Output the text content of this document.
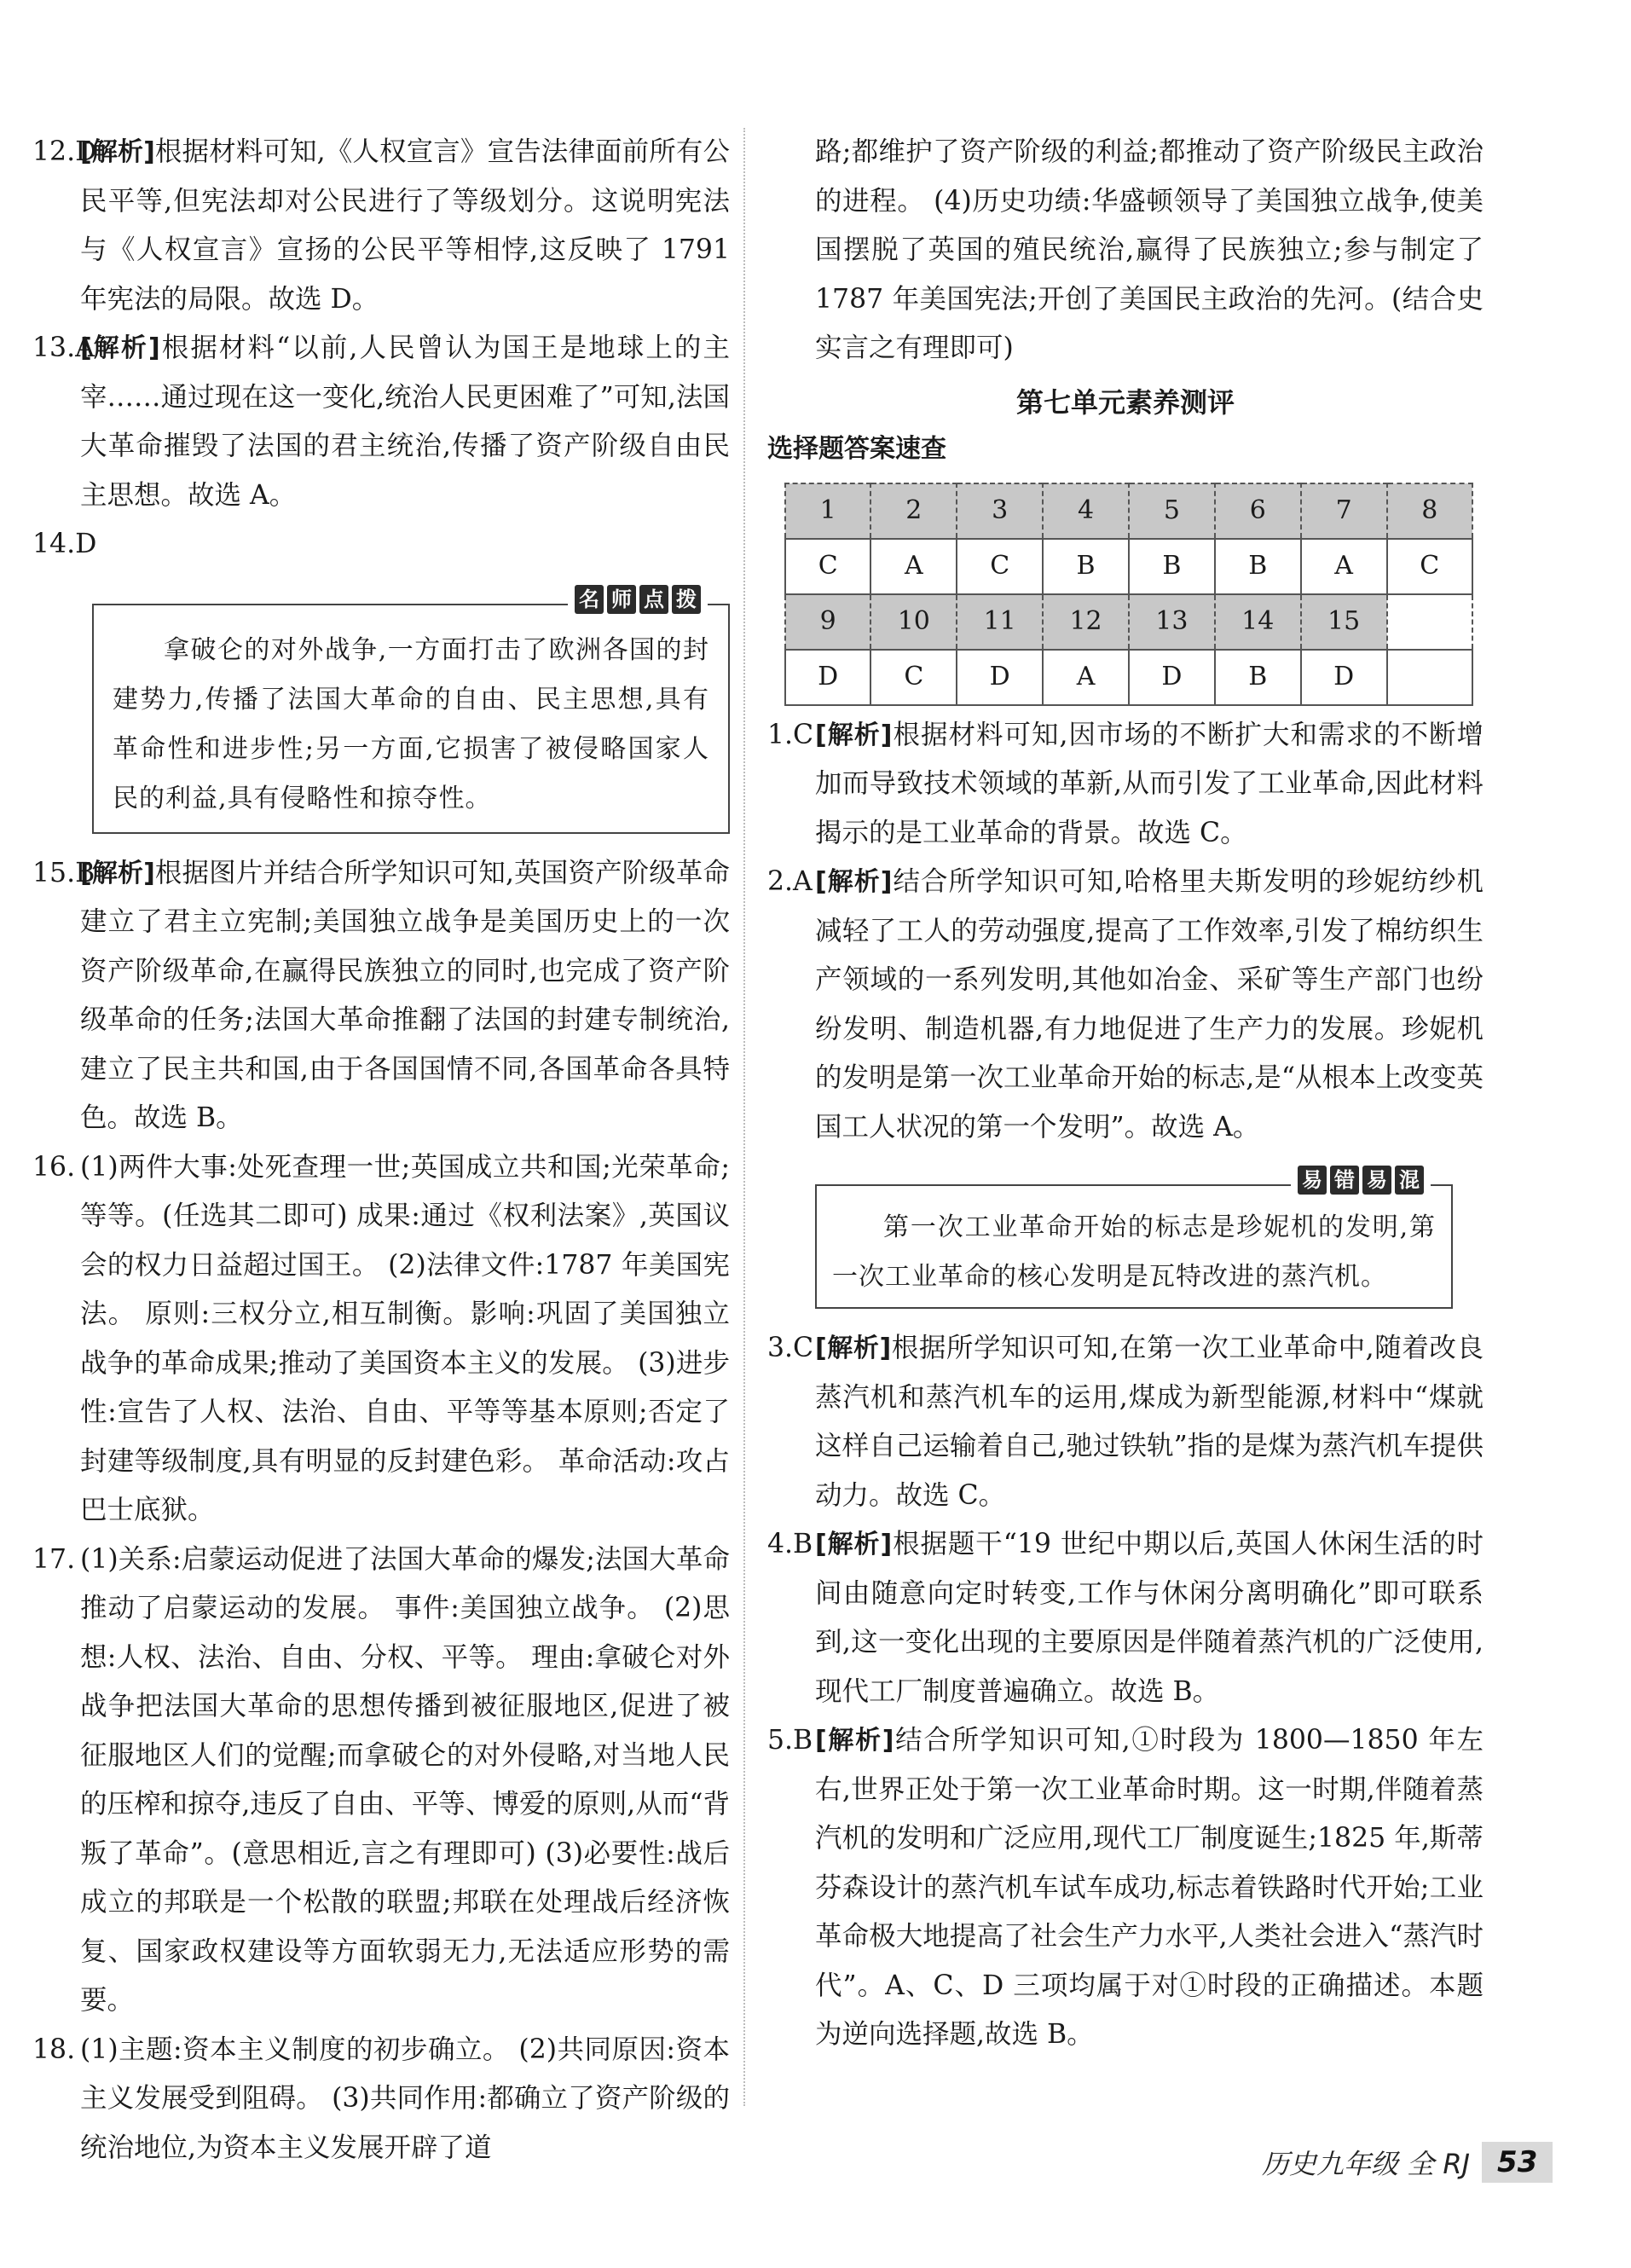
12.D
[解析]根据材料可知,《人权宣言》宣告法律面前所有公民平等,但宪法却对公民进行了等级划分。这说明宪法与《人权宣言》宣扬的公民平等相悖,这反映了 1791 年宪法的局限。故选 D。
13.A
[解析]根据材料“以前,人民曾认为国王是地球上的主宰……通过现在这一变化,统治人民更困难了”可知,法国大革命摧毁了法国的君主统治,传播了资产阶级自由民主思想。故选 A。
14.D

名 师 点 拨
拿破仑的对外战争,一方面打击了欧洲各国的封建势力,传播了法国大革命的自由、民主思想,具有革命性和进步性;另一方面,它损害了被侵略国家人民的利益,具有侵略性和掠夺性。
15.B
[解析]根据图片并结合所学知识可知,英国资产阶级革命建立了君主立宪制;美国独立战争是美国历史上的一次资产阶级革命,在赢得民族独立的同时,也完成了资产阶级革命的任务;法国大革命推翻了法国的封建专制统治,建立了民主共和国,由于各国国情不同,各国革命各具特色。故选 B。
16. (1)两件大事:处死查理一世;英国成立共和国;光荣革命;等等。(任选其二即可) 成果:通过《权利法案》,英国议会的权力日益超过国王。 (2)法律文件:1787 年美国宪法。 原则:三权分立,相互制衡。影响:巩固了美国独立战争的革命成果;推动了美国资本主义的发展。 (3)进步性:宣告了人权、法治、自由、平等等基本原则;否定了封建等级制度,具有明显的反封建色彩。 革命活动:攻占巴士底狱。
17. (1)关系:启蒙运动促进了法国大革命的爆发;法国大革命推动了启蒙运动的发展。 事件:美国独立战争。 (2)思想:人权、法治、自由、分权、平等。 理由:拿破仑对外战争把法国大革命的思想传播到被征服地区,促进了被征服地区人们的觉醒;而拿破仑的对外侵略,对当地人民的压榨和掠夺,违反了自由、平等、博爱的原则,从而“背叛了革命”。(意思相近,言之有理即可) (3)必要性:战后成立的邦联是一个松散的联盟;邦联在处理战后经济恢复、国家政权建设等方面软弱无力,无法适应形势的需要。
18. (1)主题:资本主义制度的初步确立。 (2)共同原因:资本主义发展受到阻碍。 (3)共同作用:都确立了资产阶级的统治地位,为资本主义发展开辟了道
路;都维护了资产阶级的利益;都推动了资产阶级民主政治的进程。 (4)历史功绩:华盛顿领导了美国独立战争,使美国摆脱了英国的殖民统治,赢得了民族独立;参与制定了 1787 年美国宪法;开创了美国民主政治的先河。(结合史实言之有理即可)
第七单元素养测评
选择题答案速查
1	2	3	4	5	6	7	8
C	A	C	B	B	B	A	C
9	10	11	12	13	14	15	
D	C	D	A	D	B	D	
1.C [解析]根据材料可知,因市场的不断扩大和需求的不断增加而导致技术领域的革新,从而引发了工业革命,因此材料揭示的是工业革命的背景。故选 C。
2.A [解析]结合所学知识可知,哈格里夫斯发明的珍妮纺纱机减轻了工人的劳动强度,提高了工作效率,引发了棉纺织生产领域的一系列发明,其他如冶金、采矿等生产部门也纷纷发明、制造机器,有力地促进了生产力的发展。珍妮机的发明是第一次工业革命开始的标志,是“从根本上改变英国工人状况的第一个发明”。故选 A。
易 错 易 混
第一次工业革命开始的标志是珍妮机的发明,第一次工业革命的核心发明是瓦特改进的蒸汽机。
3.C [解析]根据所学知识可知,在第一次工业革命中,随着改良蒸汽机和蒸汽机车的运用,煤成为新型能源,材料中“煤就这样自己运输着自己,驰过铁轨”指的是煤为蒸汽机车提供动力。故选 C。
4.B [解析]根据题干“19 世纪中期以后,英国人休闲生活的时间由随意向定时转变,工作与休闲分离明确化”即可联系到,这一变化出现的主要原因是伴随着蒸汽机的广泛使用,现代工厂制度普遍确立。故选 B。
5.B [解析]结合所学知识可知,①时段为 1800—1850 年左右,世界正处于第一次工业革命时期。这一时期,伴随着蒸汽机的发明和广泛应用,现代工厂制度诞生;1825 年,斯蒂芬森设计的蒸汽机车试车成功,标志着铁路时代开始;工业革命极大地提高了社会生产力水平,人类社会进入“蒸汽时代”。A、C、D 三项均属于对①时段的正确描述。本题为逆向选择题,故选 B。
历史九年级 全 RJ 53
